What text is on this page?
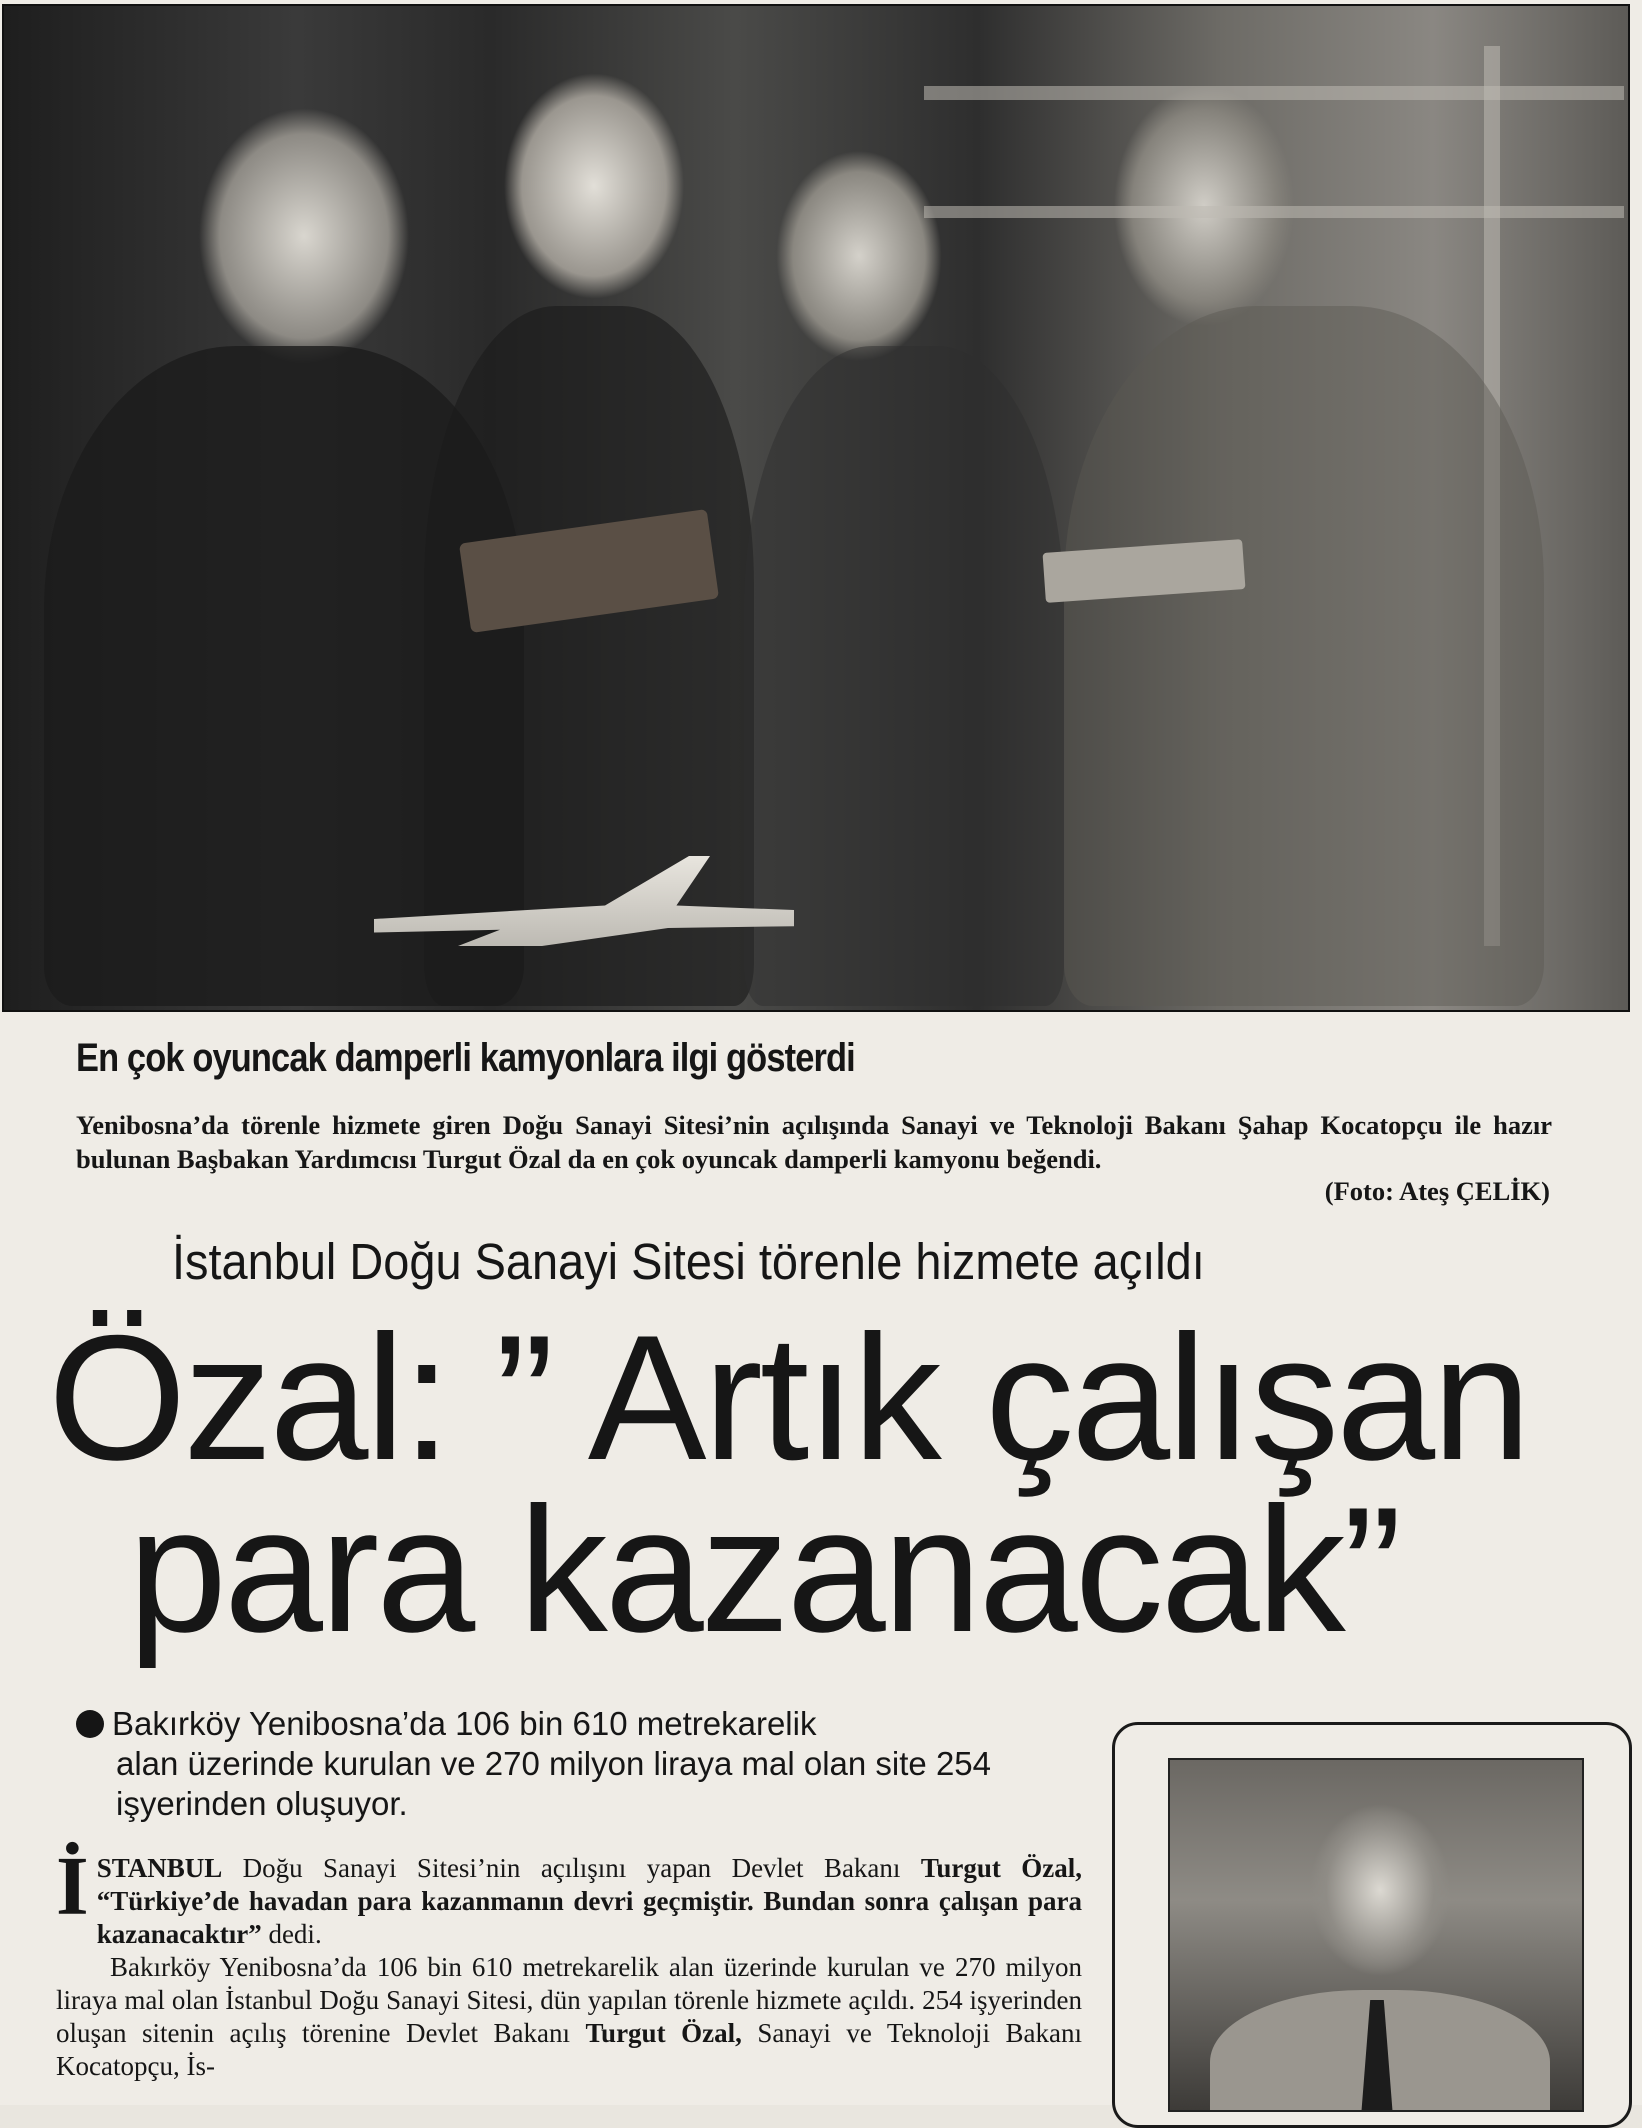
En çok oyuncak damperli kamyonlara ilgi gösterdi
Yenibosna’da törenle hizmete giren Doğu Sanayi Sitesi’nin açılışında Sanayi ve Teknoloji Bakanı Şahap Kocatopçu ile hazır bulunan Başbakan Yardımcısı Turgut Özal da en çok oyuncak damperli kamyonu beğendi.
(Foto: Ateş ÇELİK)
İstanbul Doğu Sanayi Sitesi törenle hizmete açıldı
Özal: ” Artık çalışan
para kazanacak”
Bakırköy Yenibosna’da 106 bin 610 metrekarelik
alan üzerinde kurulan ve 270 milyon liraya mal olan site 254 işyerinden oluşuyor.

İSTANBUL Doğu Sanayi Sitesi’nin açılışını yapan Devlet Bakanı Turgut Özal, “Türkiye’de havadan para kazanmanın devri geçmiştir. Bundan sonra çalışan para kazanacaktır” dedi.

Bakırköy Yenibosna’da 106 bin 610 metrekarelik alan üzerinde kurulan ve 270 milyon liraya mal olan İstanbul Doğu Sanayi Sitesi, dün yapılan törenle hizmete açıldı. 254 işyerinden oluşan sitenin açılış törenine Devlet Bakanı Turgut Özal, Sanayi ve Teknoloji Bakanı Kocatopçu, İs-
